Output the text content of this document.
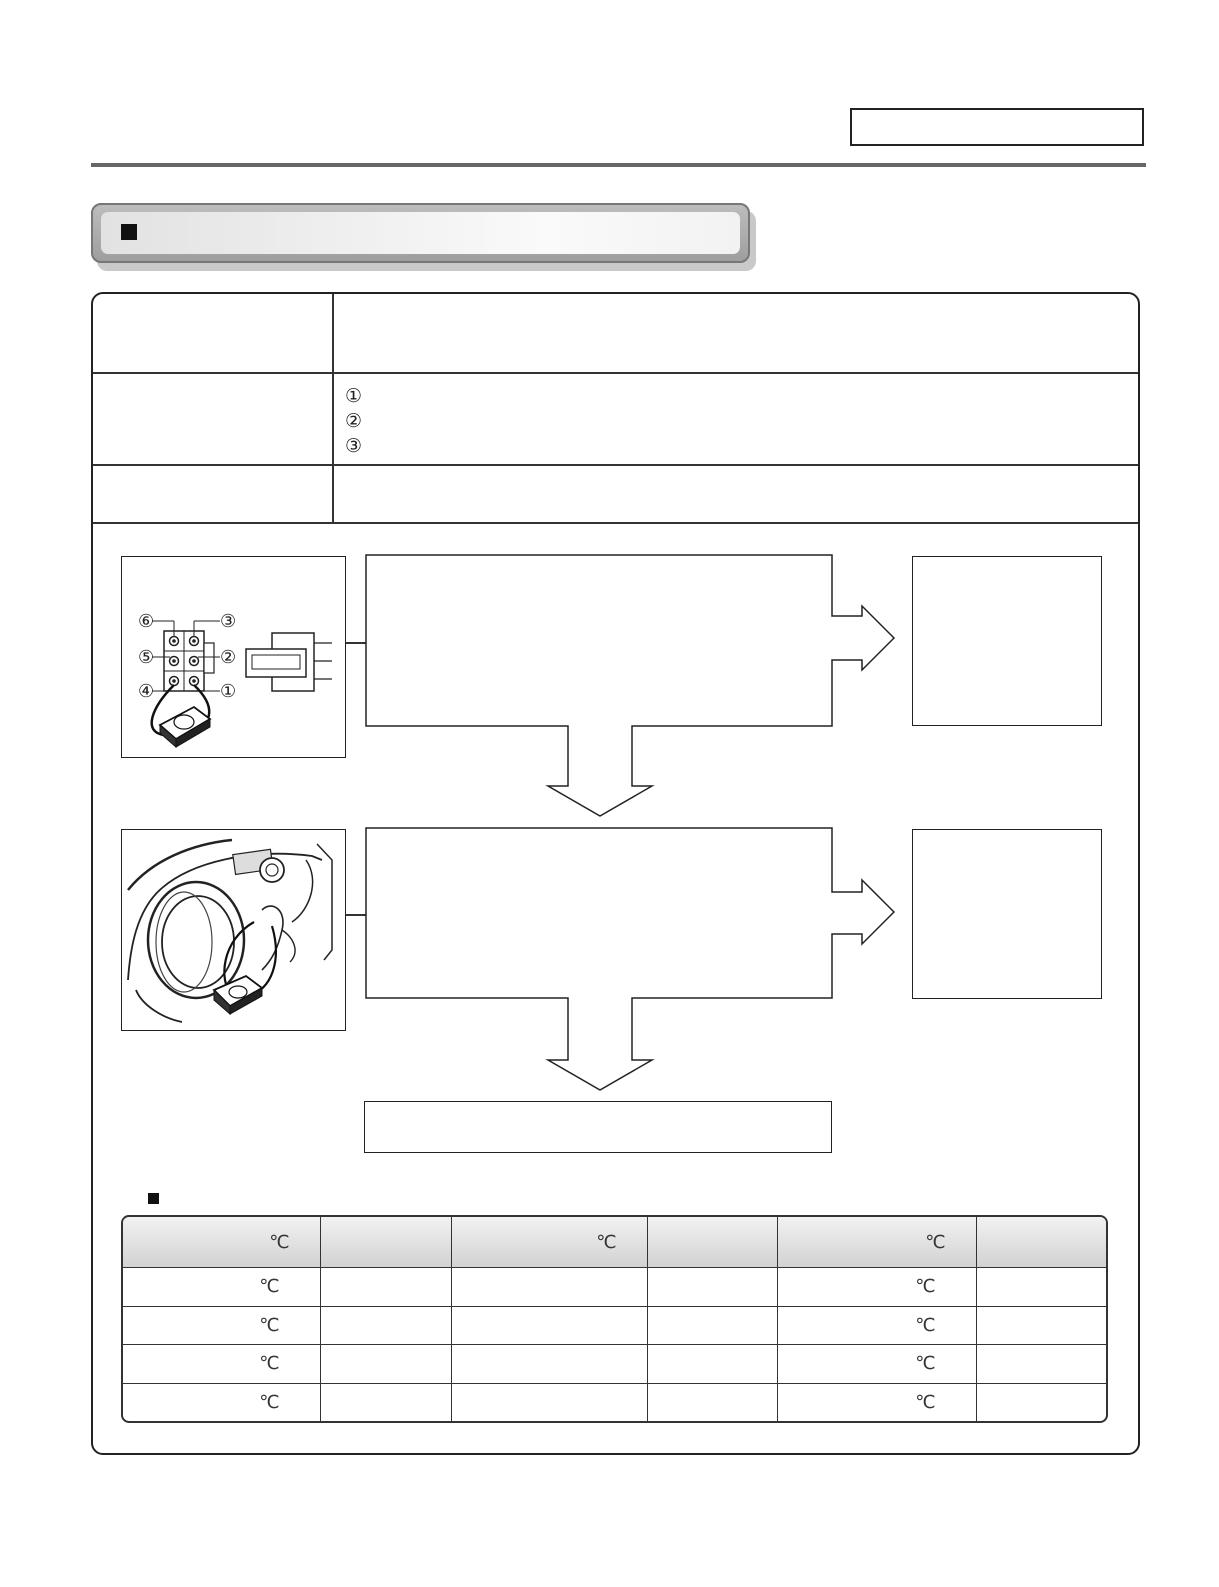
①
②
③
⑥	③
⑤	②
④	①
℃		℃		℃	
℃				℃	
℃				℃	
℃				℃	
℃				℃	
